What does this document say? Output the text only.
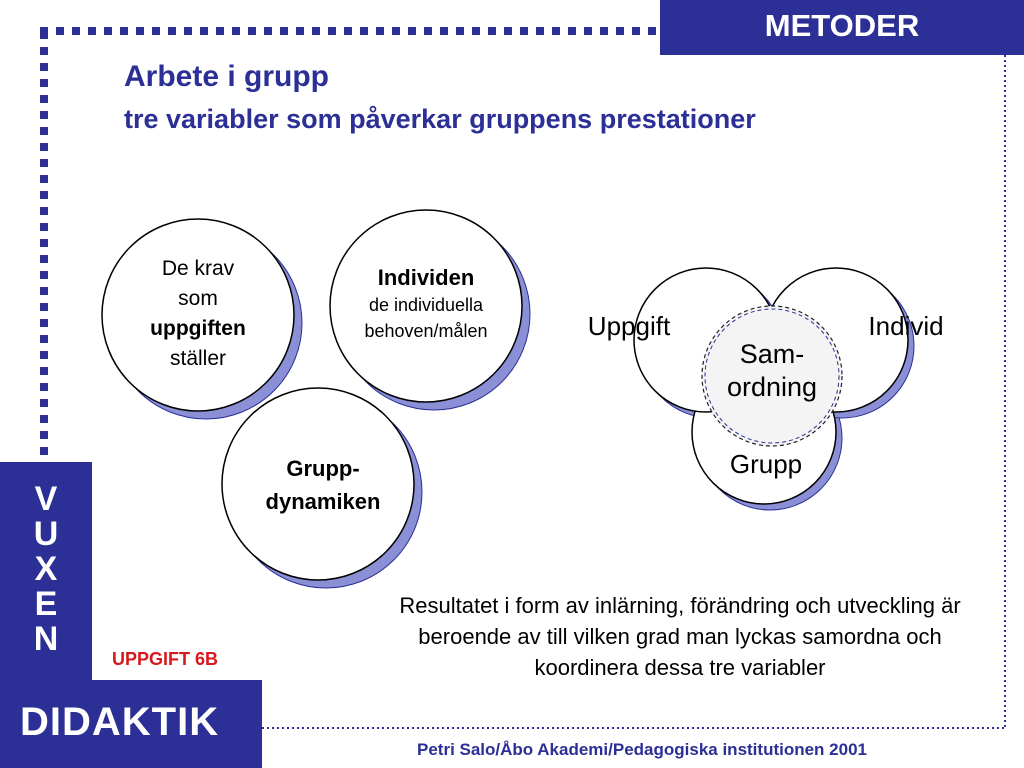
METODER
Arbete i grupp
tre variabler som påverkar gruppens prestationer
De krav
som
uppgiften
ställer
Individen
de individuella
behoven/målen
Grupp-
dynamiken
Uppgift	Individ
Grupp
Sam-
ordning
Resultatet i form av inlärning, förändring och utveckling är beroende av till vilken grad man lyckas samordna och koordinera dessa tre variabler
V
U
X
E
N
DIDAKTIK
UPPGIFT 6B
Petri Salo/Åbo Akademi/Pedagogiska institutionen 2001
